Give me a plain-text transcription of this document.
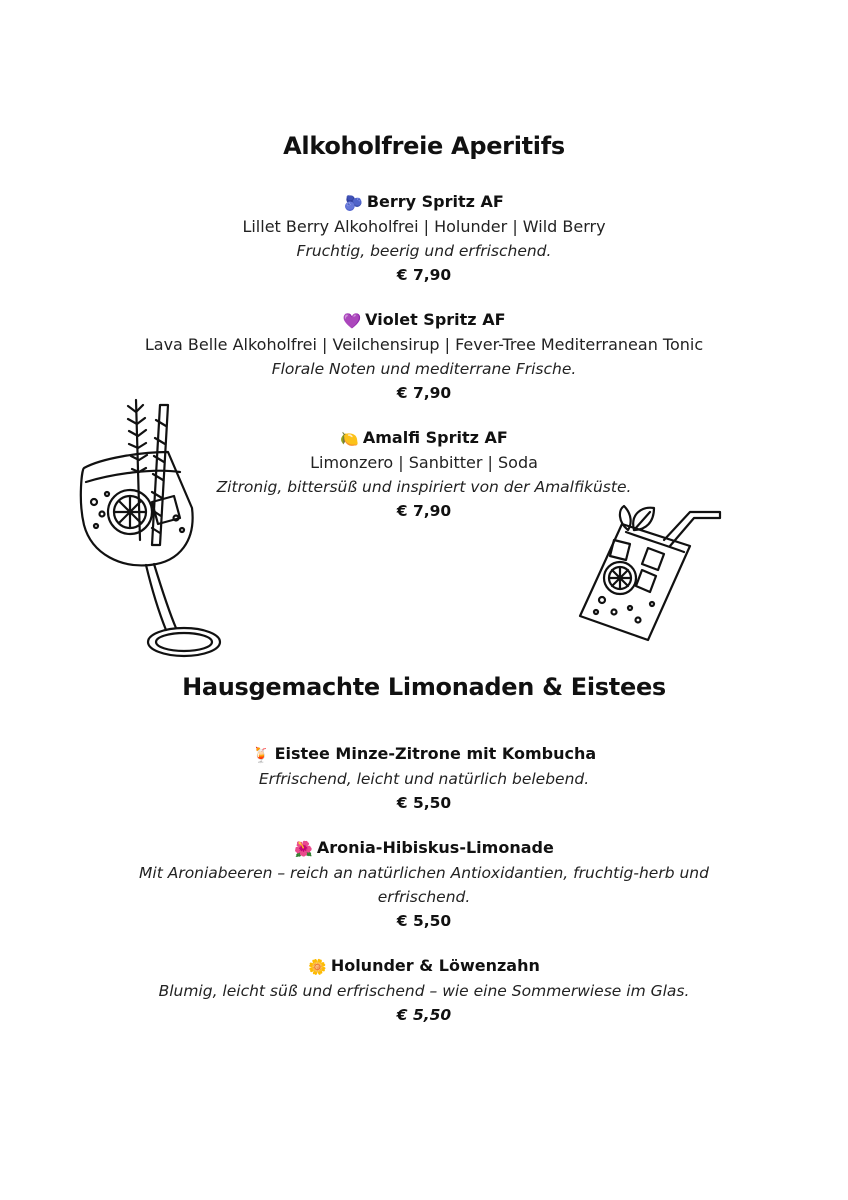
Alkoholfreie Aperitifs
🫐 Berry Spritz AF
Lillet Berry Alkoholfrei | Holunder | Wild Berry
Fruchtig, beerig und erfrischend.
€ 7,90
💜 Violet Spritz AF
Lava Belle Alkoholfrei | Veilchensirup | Fever-Tree Mediterranean Tonic
Florale Noten und mediterrane Frische.
€ 7,90
🍋 Amalfi Spritz AF
Limonzero | Sanbitter | Soda
Zitronig, bittersüß und inspiriert von der Amalfiküste.
€ 7,90
Hausgemachte Limonaden & Eistees
🍹 Eistee Minze-Zitrone mit Kombucha
Erfrischend, leicht und natürlich belebend.
€ 5,50
🌺 Aronia-Hibiskus-Limonade
Mit Aroniabeeren – reich an natürlichen Antioxidantien, fruchtig-herb und erfrischend.
€ 5,50
🌼 Holunder & Löwenzahn
Blumig, leicht süß und erfrischend – wie eine Sommerwiese im Glas.
€ 5,50
